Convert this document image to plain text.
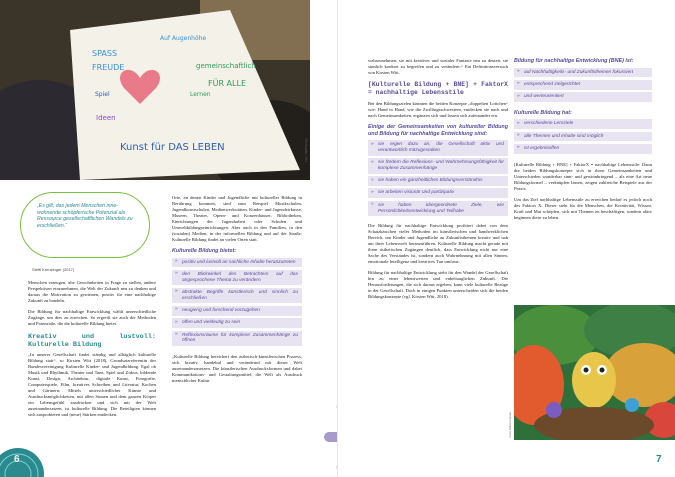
SPASS
FREUDE
Auf Augenhöhe
Spiel
gemeinschaftlich
Lernen
FÜR ALLE
Ideen
Kunst für DAS LEBEN	Foto: Steffi Knopp
„Es gilt, das jedem Menschen innewohnende schöpferische Potenzial als Ressource gesellschaftlichen Wandels zu erschließen.“
Steffi Kreuzinger (2017)

Menschen erzeugen, alte Gewohnheiten in Frage zu stellen, andere Perspektiven einzunehmen, die Welt der Zukunft neu zu denken und daraus die Motivation zu gewinnen, positiv für eine nachhaltige Zukunft zu handeln.

Die Bildung für nachhaltige Entwicklung wählt unterschiedliche Zugänge, um dies zu erreichen. So ergreift sie auch die Methoden und Potenziale, die die kulturelle Bildung bietet.

Kreativ und lustvoll: Kulturelle Bildung

„In unserer Gesellschaft findet ständig und alltäglich kulturelle Bildung statt“, so Kirsten Witt (2018), Grundsatzreferentin der Bundesvereinigung Kulturelle Kinder- und Jugendbildung. Egal ob Musik und Rhythmik, Theater und Tanz, Spiel und Zirkus, bildende Kunst, Design, Architektur, digitale Kunst, Fotografie, Computerspiele, Film, kreatives Schreiben und Literatur, Kochen und Gärtnern: Mittels unterschiedlicher Künste und Ausdrucksmöglichkeiten, mit allen Sinnen und dem ganzen Körper ein Lebensgefühl ausdrücken und sich mit der Welt auseinandersetzen, ist kulturelle Bildung. Die Beteiligten können sich ausprobieren und (neue) Stärken entdecken.

Orte, an denen Kinder und Jugendliche mit kultureller Bildung in Berührung kommen, sind zum Beispiel Musikschulen, Jugendkunstschulen, Medienwerkstätten, Kinder- und Jugendzirkusse, Museen, Theater, Opern- und Konzerthäuser, Bibliotheken, Einrichtungen der Jugendarbeit oder Schulen und Umweltbildungseinrichtungen. Aber auch in den Familien, in den (sozialen) Medien, in der informellen Bildung und auf der Straße: Kulturelle Bildung findet an vielen Orten statt.

Kulturelle Bildung bietet:
» positiv und lustvoll an sachliche Inhalte heranzutreten
» den Blickwinkel des Betrachters auf das angesprochene Thema zu verändern
» abstrakte Begriffe künstlerisch und sinnlich zu erschließen
» neugierig und forschend vorzugehen
» offen und vieldeutig zu sein
» Reflexionsräume für komplexe Zusammenhänge zu öffnen

„Kulturelle Bildung bereichert den ästhetisch-künstlerischen Prozess, sich kreativ, handelnd und verändernd mit dieser Welt auseinanderzusetzen. Die künstlerischen Ausdrucksformen und dabei Kommunikations- und Gestaltungsmittel, die Welt als Ausdruck menschlicher Kultur

6

wahrzunehmen, sie mit kreativer und sozialer Fantasie neu zu deuten, sie sinnlich konkret zu begreifen und zu verändern.“ Ein Definitionsversuch von Kirsten Witt.

[Kulturelle Bildung + BNE] + FaktorX = nachhaltige Lebensstile

Bei den Bildungszielen könnten die beiden Konzepte „doppelten Lottchen“ wie: Hand in Hand, wie die Zwillingsschwestern, entdecken sie nach und nach Gemeinsamkeiten, ergänzen sich und lassen sich aufeinander ein.

Einige der Gemeinsamkeiten von kultureller Bildung und Bildung für nachhaltige Entwicklung sind:
» sie regen dazu an, die Gesellschaft aktiv und verantwortlich mitzugestalten
» sie fördern die Reflexions- und Wahrnehmungsfähigkeit für komplexe Zusammenhänge
» sie haben ein ganzheitliches Bildungsverständnis
» sie arbeiten visionär und partizipativ
» sie haben übergeordnete Ziele, wie Persönlichkeitsentwicklung und Teilhabe

Die Bildung für nachhaltige Entwicklung profitiert dabei von dem Schatzkästchen vieler Methoden im künstlerischen und handwerklichen Bereich, um Kinder und Jugendliche an Zukunftsthemen kreativ und nah am ihrer Lebenswelt heranzuführen. Kulturelle Bildung macht gerade mit ihren ästhetischen Zugängen deutlich, dass Entwicklung nicht nur eine Sache des Verstandes ist, sondern auch Wahrnehmung mit allen Sinnen, emotionale Intelligenz und kreatives Tun umfasst.

Bildung für nachhaltige Entwicklung steht für den Wandel der Gesellschaft hin zu einer lebenswerten und enkeltauglichen Zukunft. Die Herausforderungen, die sich daraus ergeben, kann viele kulturelle Bezüge in der Gesellschaft. Doch in einigen Punkten unterscheiden sich die beiden Bildungskonzepte (vgl. Kirsten Witt, 2018).

Bildung für nachhaltige Entwicklung (BNE) ist:
» auf Nachhaltigkeits- und Zukunftsthemen fokussiert
» entsprechend zielgerichtet
» und werteorientiert
Kulturelle Bildung hat:
» verschiedene Lernziele
» alle Themen und Inhalte sind möglich
» ist ergebnisoffen

[Kulturelle Bildung + BNE] + FaktorX = nachhaltige Lebensstile: Dann die beiden Bildungskonzepte sich in ihren Gemeinsamkeiten und Unterschieden wunderbar sinn- und gewinnbringend – als eine Art neue Bildungsformel – verknüpfen lassen, zeigen zahlreiche Beispiele aus der Praxis.

Um das Ziel nachhaltige Lebensstile zu erreichen bedarf es jedoch noch des Faktors X: Dieser steht für die Menschen, die Kreativität, Wissen, Kraft und Mut schöpfen, sich mit Themen zu beschäftigen, sondern aktiv beginnen diese zu leben.

Foto: Maren Hesse
7
